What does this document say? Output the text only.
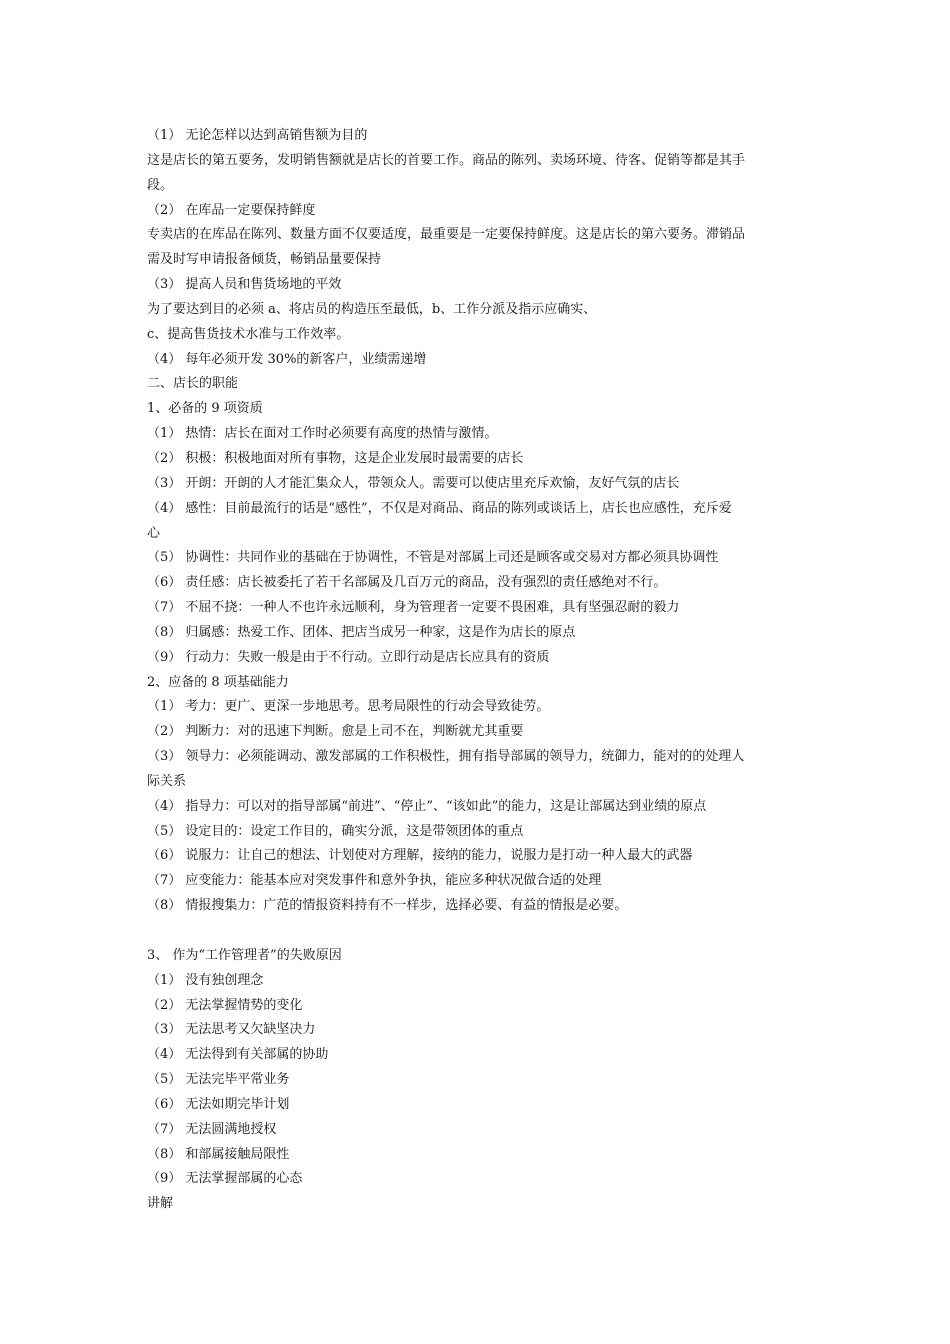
（1） 无论怎样以达到高销售额为目的
这是店长的第五要务，发明销售额就是店长的首要工作。商品的陈列、卖场环境、待客、促销等都是其手
段。
（2） 在库品一定要保持鲜度
专卖店的在库品在陈列、数量方面不仅要适度，最重要是一定要保持鲜度。这是店长的第六要务。滞销品
需及时写申请报备倾货，畅销品量要保持
（3） 提高人员和售货场地的平效
为了要达到目的必须 a、将店员的构造压至最低，b、工作分派及指示应确实、
c、提高售货技术水准与工作效率。
（4） 每年必须开发 30%的新客户，业绩需递增
二、店长的职能
1、必备的 9 项资质
（1） 热情：店长在面对工作时必须要有高度的热情与激情。
（2） 积极：积极地面对所有事物，这是企业发展时最需要的店长
（3） 开朗：开朗的人才能汇集众人，带领众人。需要可以使店里充斥欢愉，友好气氛的店长
（4） 感性：目前最流行的话是“感性”，不仅是对商品、商品的陈列或谈话上，店长也应感性，充斥爱
心
（5） 协调性：共同作业的基础在于协调性，不管是对部属上司还是顾客或交易对方都必须具协调性
（6） 责任感：店长被委托了若干名部属及几百万元的商品，没有强烈的责任感绝对不行。
（7） 不屈不挠：一种人不也许永远顺利，身为管理者一定要不畏困难，具有坚强忍耐的毅力
（8） 归属感：热爱工作、团体、把店当成另一种家，这是作为店长的原点
（9） 行动力：失败一般是由于不行动。立即行动是店长应具有的资质
2、应备的 8 项基础能力
（1） 考力：更广、更深一步地思考。思考局限性的行动会导致徒劳。
（2） 判断力：对的迅速下判断。愈是上司不在，判断就尤其重要
（3） 领导力：必须能调动、激发部属的工作积极性，拥有指导部属的领导力，统御力，能对的的处理人
际关系
（4） 指导力：可以对的指导部属“前进”、“停止”、“该如此”的能力，这是让部属达到业绩的原点
（5） 设定目的：设定工作目的，确实分派，这是带领团体的重点
（6） 说服力：让自己的想法、计划使对方理解，接纳的能力，说服力是打动一种人最大的武器
（7） 应变能力：能基本应对突发事件和意外争执，能应多种状况做合适的处理
（8） 情报搜集力：广范的情报资料持有不一样步，选择必要、有益的情报是必要。
3、 作为“工作管理者”的失败原因
（1） 没有独创理念
（2） 无法掌握情势的变化
（3） 无法思考又欠缺坚决力
（4） 无法得到有关部属的协助
（5） 无法完毕平常业务
（6） 无法如期完毕计划
（7） 无法圆满地授权
（8） 和部属接触局限性
（9） 无法掌握部属的心态
讲解
